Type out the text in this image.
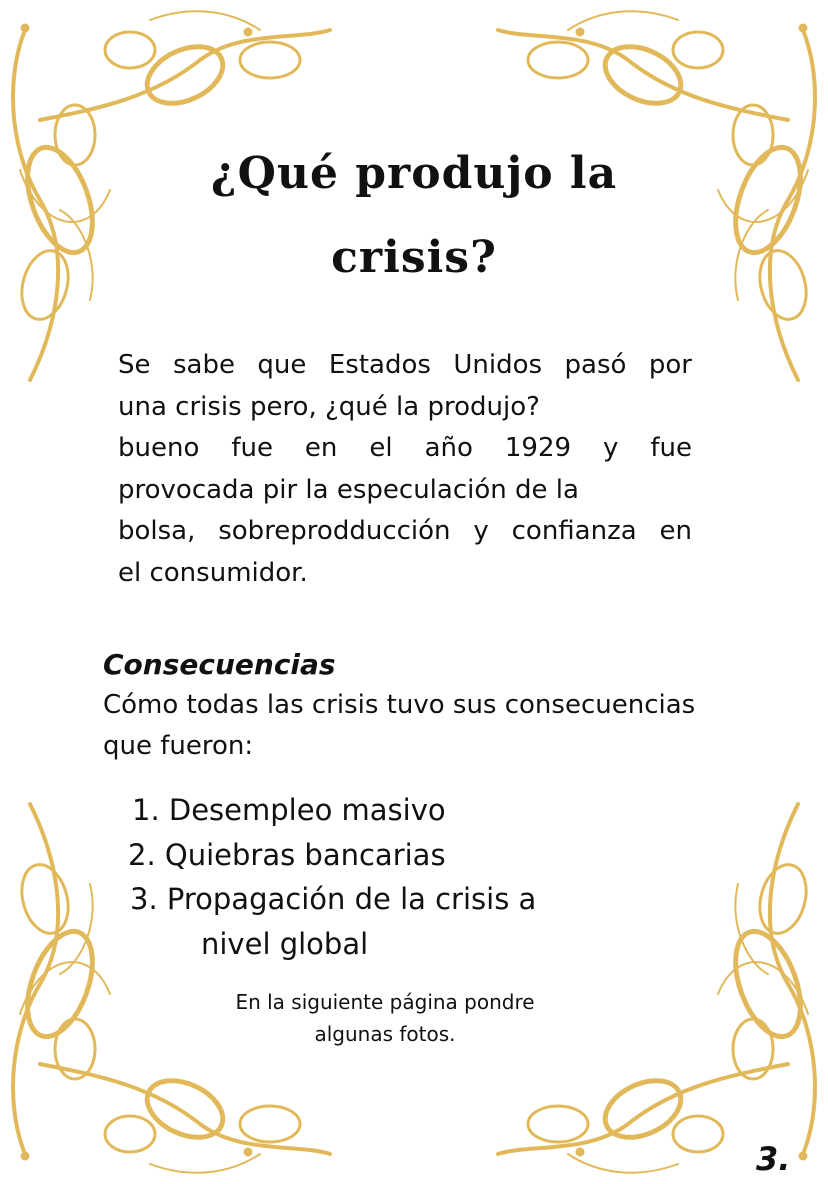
¿Qué produjo la
crisis?
Se sabe que Estados Unidos pasó por
una crisis pero, ¿qué la produjo?
bueno fue en el año 1929 y fue
provocada pir la especulación de la
bolsa, sobreprodducción y confianza en
el consumidor.
Consecuencias
Cómo todas las crisis tuvo sus consecuencias
que fueron:
1. Desempleo masivo
2. Quiebras bancarias
3. Propagación de la crisis a
nivel global
En la siguiente página pondre
algunas fotos.
3.
